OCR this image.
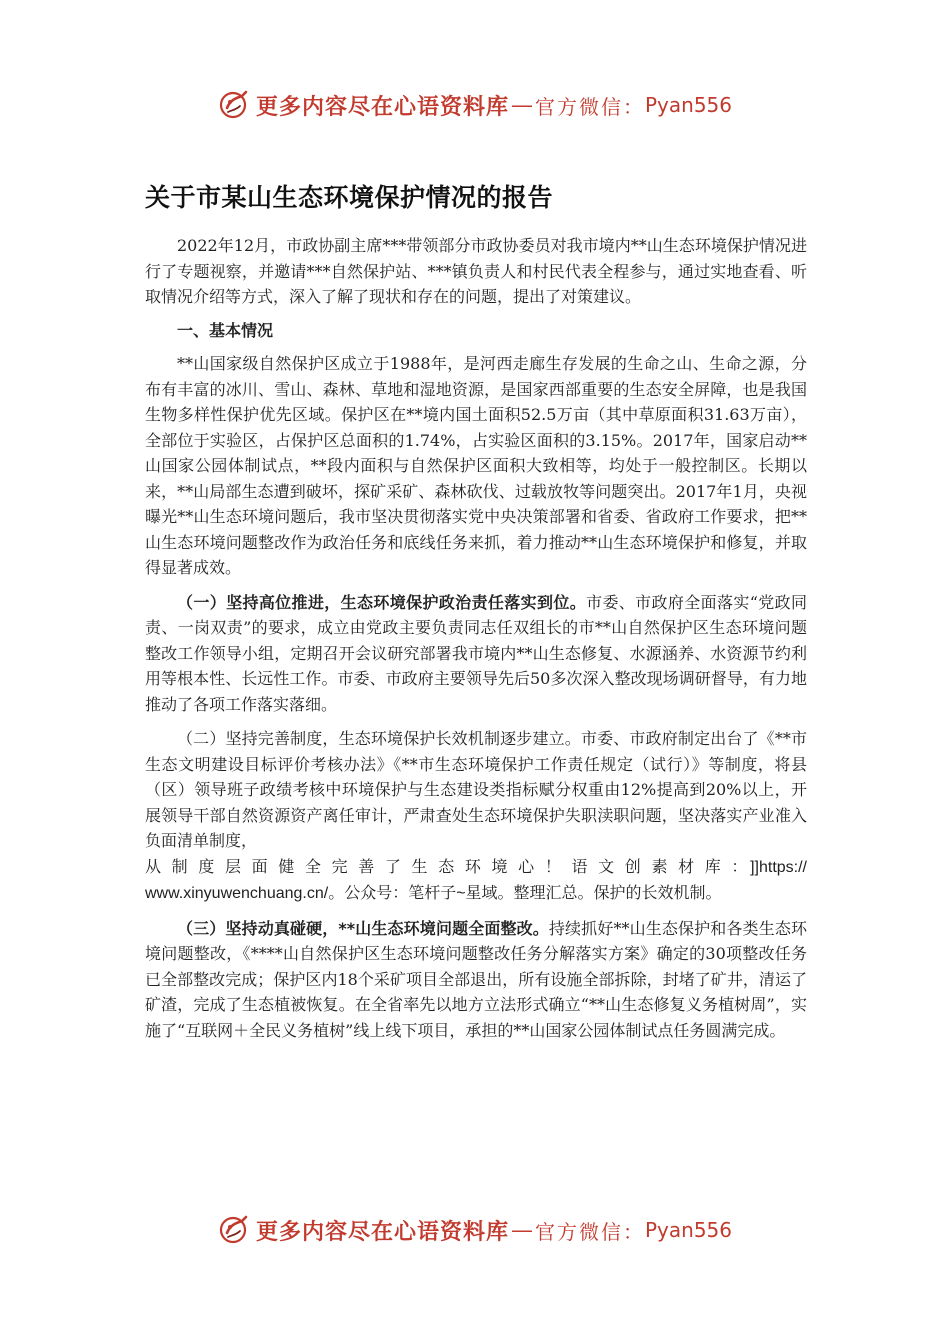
更多内容尽在心语资料库 — 官方微信： Pyan556
关于市某山生态环境保护情况的报告

2022年12月，市政协副主席***带领部分市政协委员对我市境内**山生态环境保护情况进行了专题视察，并邀请***自然保护站、***镇负责人和村民代表全程参与，通过实地查看、听取情况介绍等方式，深入了解了现状和存在的问题，提出了对策建议。

一、基本情况

**山国家级自然保护区成立于1988年，是河西走廊生存发展的生命之山、生命之源，分布有丰富的冰川、雪山、森林、草地和湿地资源，是国家西部重要的生态安全屏障，也是我国生物多样性保护优先区域。保护区在**境内国土面积52.5万亩（其中草原面积31.63万亩），全部位于实验区，占保护区总面积的1.74%，占实验区面积的3.15%。2017年，国家启动**山国家公园体制试点，**段内面积与自然保护区面积大致相等，均处于一般控制区。长期以来，**山局部生态遭到破坏，探矿采矿、森林砍伐、过载放牧等问题突出。2017年1月，央视曝光**山生态环境问题后，我市坚决贯彻落实党中央决策部署和省委、省政府工作要求，把**山生态环境问题整改作为政治任务和底线任务来抓，着力推动**山生态环境保护和修复，并取得显著成效。

（一）坚持高位推进，生态环境保护政治责任落实到位。市委、市政府全面落实“党政同责、一岗双责”的要求，成立由党政主要负责同志任双组长的市**山自然保护区生态环境问题整改工作领导小组，定期召开会议研究部署我市境内**山生态修复、水源涵养、水资源节约利用等根本性、长远性工作。市委、市政府主要领导先后50多次深入整改现场调研督导，有力地推动了各项工作落实落细。

（二）坚持完善制度，生态环境保护长效机制逐步建立。市委、市政府制定出台了《**市生态文明建设目标评价考核办法》《**市生态环境保护工作责任规定（试行）》等制度，将县（区）领导班子政绩考核中环境保护与生态建设类指标赋分权重由12%提高到20%以上，开展领导干部自然资源资产离任审计，严肃查处生态环境保护失职渎职问题，坚决落实产业准入负面清单制度，

从制度层面健全完善了生态环境心！语文创素材库：]]https://

www.xinyuwenchuang.cn/。公众号：笔杆子~星域。整理汇总。保护的长效机制。

（三）坚持动真碰硬，**山生态环境问题全面整改。持续抓好**山生态保护和各类生态环境问题整改，《****山自然保护区生态环境问题整改任务分解落实方案》确定的30项整改任务已全部整改完成；保护区内18个采矿项目全部退出，所有设施全部拆除，封堵了矿井，清运了矿渣，完成了生态植被恢复。在全省率先以地方立法形式确立“**山生态修复义务植树周”，实施了“互联网＋全民义务植树”线上线下项目，承担的**山国家公园体制试点任务圆满完成。

更多内容尽在心语资料库 — 官方微信： Pyan556
